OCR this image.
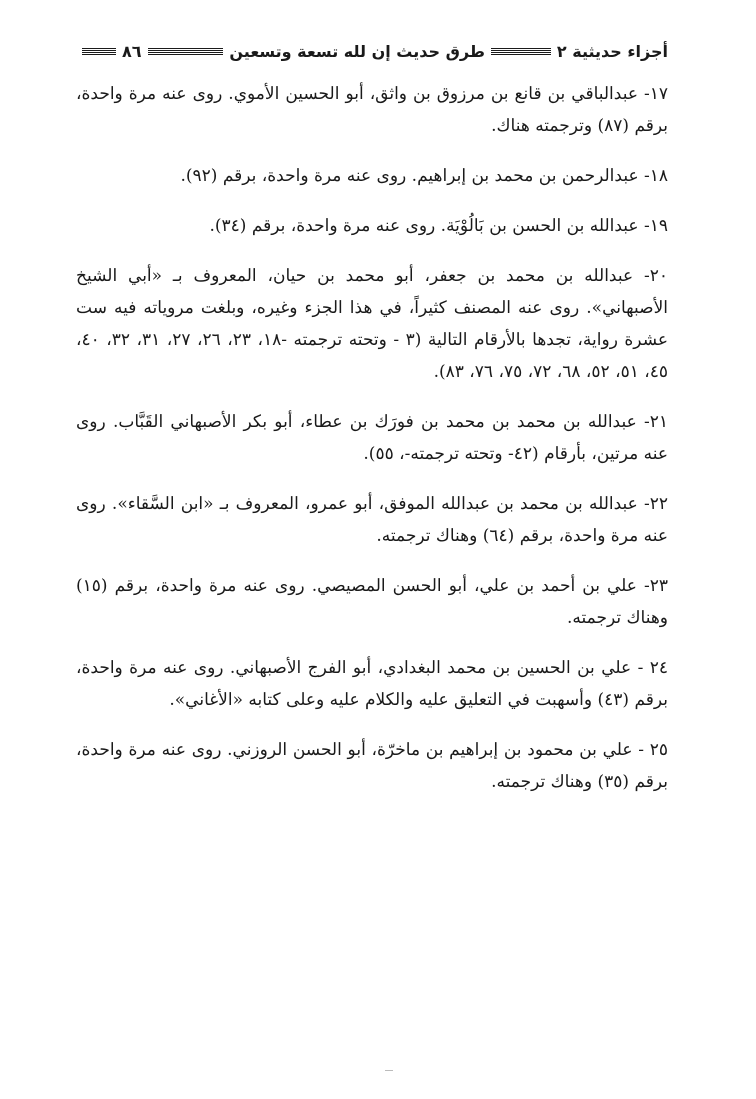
أجزاء حديثية ٢
طرق حديث إن لله تسعة وتسعين
٨٦

١٧- عبدالباقي بن قانع بن مرزوق بن واثق، أبو الحسين الأموي. روى عنه مرة واحدة، برقم (٨٧) وترجمته هناك.

١٨- عبدالرحمن بن محمد بن إبراهيم. روى عنه مرة واحدة، برقم (٩٢).

١٩- عبدالله بن الحسن بن بَالُوْيَة. روى عنه مرة واحدة، برقم (٣٤).

٢٠- عبدالله بن محمد بن جعفر، أبو محمد بن حيان، المعروف بـ «أبي الشيخ الأصبهاني». روى عنه المصنف كثيراً، في هذا الجزء وغيره، وبلغت مروياته فيه ست عشرة رواية، تجدها بالأرقام التالية (٣ - وتحته ترجمته -١٨، ٢٣، ٢٦، ٢٧، ٣١، ٣٢، ٤٠، ٤٥، ٥١، ٥٢، ٦٨، ٧٢، ٧٥، ٧٦، ٨٣).

٢١- عبدالله بن محمد بن محمد بن فورَك بن عطاء، أبو بكر الأصبهاني القَبَّاب. روى عنه مرتين، بأرقام (٤٢- وتحته ترجمته-، ٥٥).

٢٢- عبدالله بن محمد بن عبدالله الموفق، أبو عمرو، المعروف بـ «ابن السَّقاء». روى عنه مرة واحدة، برقم (٦٤) وهناك ترجمته.

٢٣- علي بن أحمد بن علي، أبو الحسن المصيصي. روى عنه مرة واحدة، برقم (١٥) وهناك ترجمته.

٢٤ - علي بن الحسين بن محمد البغدادي، أبو الفرج الأصبهاني. روى عنه مرة واحدة، برقم (٤٣) وأسهبت في التعليق عليه والكلام عليه وعلى كتابه «الأغاني».

٢٥ - علي بن محمود بن إبراهيم بن ماخرّة، أبو الحسن الروزني. روى عنه مرة واحدة، برقم (٣٥) وهناك ترجمته.
